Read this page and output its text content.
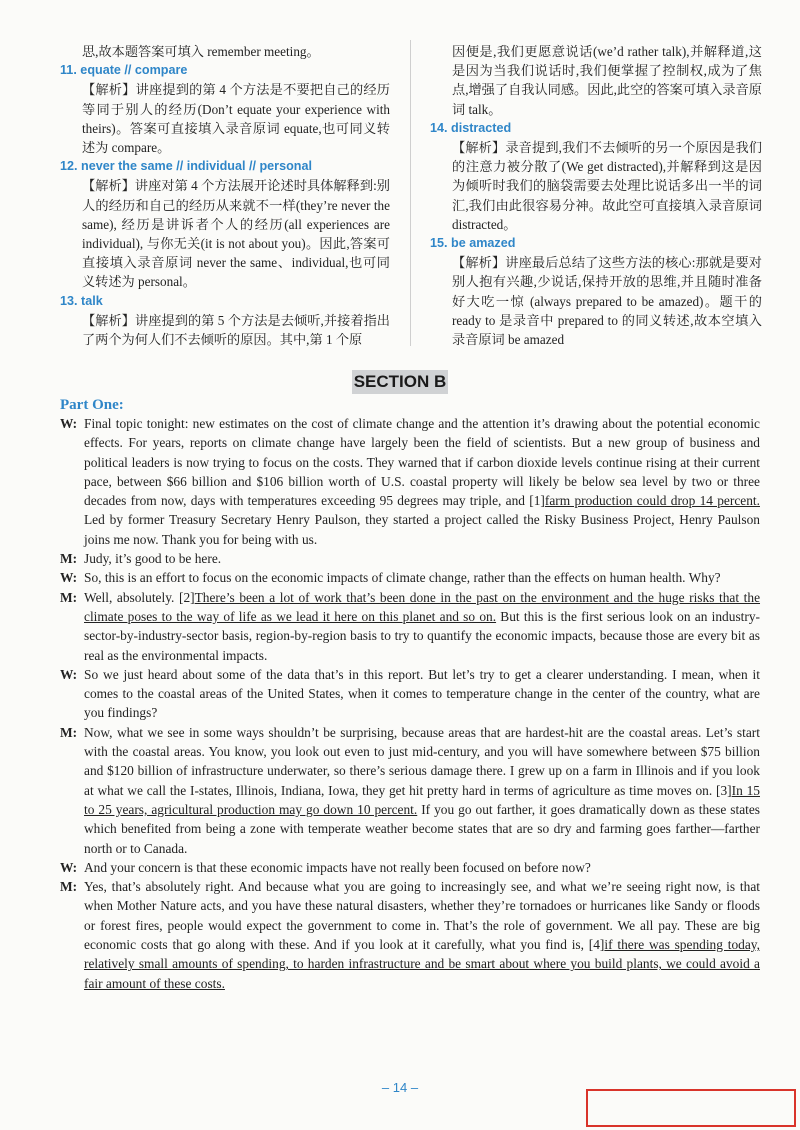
思,故本题答案可填入 remember meeting。
11. equate // compare
【解析】讲座提到的第 4 个方法是不要把自己的经历等同于别人的经历(Don’t equate your experience with theirs)。答案可直接填入录音原词 equate,也可同义转述为 compare。
12. never the same // individual // personal
【解析】讲座对第 4 个方法展开论述时具体解释到:别人的经历和自己的经历从来就不一样(they’re never the same), 经历是讲诉者个人的经历(all experiences are individual), 与你无关(it is not about you)。因此,答案可直接填入录音原词 never the same、individual,也可同义转述为 personal。
13. talk
【解析】讲座提到的第 5 个方法是去倾听,并接着指出了两个为何人们不去倾听的原因。其中,第 1 个原
因便是,我们更愿意说话(we’d rather talk),并解释道,这是因为当我们说话时,我们便掌握了控制权,成为了焦点,增强了自我认同感。因此,此空的答案可填入录音原词 talk。
14. distracted
【解析】录音提到,我们不去倾听的另一个原因是我们的注意力被分散了(We get distracted),并解释到这是因为倾听时我们的脑袋需要去处理比说话多出一半的词汇,我们由此很容易分神。故此空可直接填入录音原词 distracted。
15. be amazed
【解析】讲座最后总结了这些方法的核心:那就是要对别人抱有兴趣,少说话,保持开放的思维,并且随时准备好大吃一惊 (always prepared to be amazed)。题干的 ready to 是录音中 prepared to 的同义转述,故本空填入录音原词 be amazed
SECTION B
Part One:
W: Final topic tonight: new estimates on the cost of climate change and the attention it’s drawing about the potential economic effects. For years, reports on climate change have largely been the field of scientists. But a new group of business and political leaders is now trying to focus on the costs. They warned that if carbon dioxide levels continue rising at their current pace, between $66 billion and $106 billion worth of U.S. coastal property will likely be below sea level by two or three decades from now, days with temperatures exceeding 95 degrees may triple, and [1]farm production could drop 14 percent. Led by former Treasury Secretary Henry Paulson, they started a project called the Risky Business Project, Henry Paulson joins me now. Thank you for being with us.
M: Judy, it’s good to be here.
W: So, this is an effort to focus on the economic impacts of climate change, rather than the effects on human health. Why?
M: Well, absolutely. [2]There’s been a lot of work that’s been done in the past on the environment and the huge risks that the climate poses to the way of life as we lead it here on this planet and so on. But this is the first serious look on an industry-sector-by-industry-sector basis, region-by-region basis to try to quantify the economic impacts, because those are every bit as real as the environmental impacts.
W: So we just heard about some of the data that’s in this report. But let’s try to get a clearer understanding. I mean, when it comes to the coastal areas of the United States, when it comes to temperature change in the center of the country, what are you findings?
M: Now, what we see in some ways shouldn’t be surprising, because areas that are hardest-hit are the coastal areas. Let’s start with the coastal areas. You know, you look out even to just mid-century, and you will have somewhere between $75 billion and $120 billion of infrastructure underwater, so there’s serious damage there. I grew up on a farm in Illinois and if you look at what we call the I-states, Illinois, Indiana, Iowa, they get hit pretty hard in terms of agriculture as time moves on. [3]In 15 to 25 years, agricultural production may go down 10 percent. If you go out farther, it goes dramatically down as these states which benefited from being a zone with temperate weather become states that are so dry and farming goes farther—farther north or to Canada.
W: And your concern is that these economic impacts have not really been focused on before now?
M: Yes, that’s absolutely right. And because what you are going to increasingly see, and what we’re seeing right now, is that when Mother Nature acts, and you have these natural disasters, whether they’re tornadoes or hurricanes like Sandy or floods or forest fires, people would expect the government to come in. That’s the role of government. We all pay. These are big economic costs that go along with these. And if you look at it carefully, what you find is, [4]if there was spending today, relatively small amounts of spending, to harden infrastructure and be smart about where you build plants, we could avoid a fair amount of these costs.
– 14 –
